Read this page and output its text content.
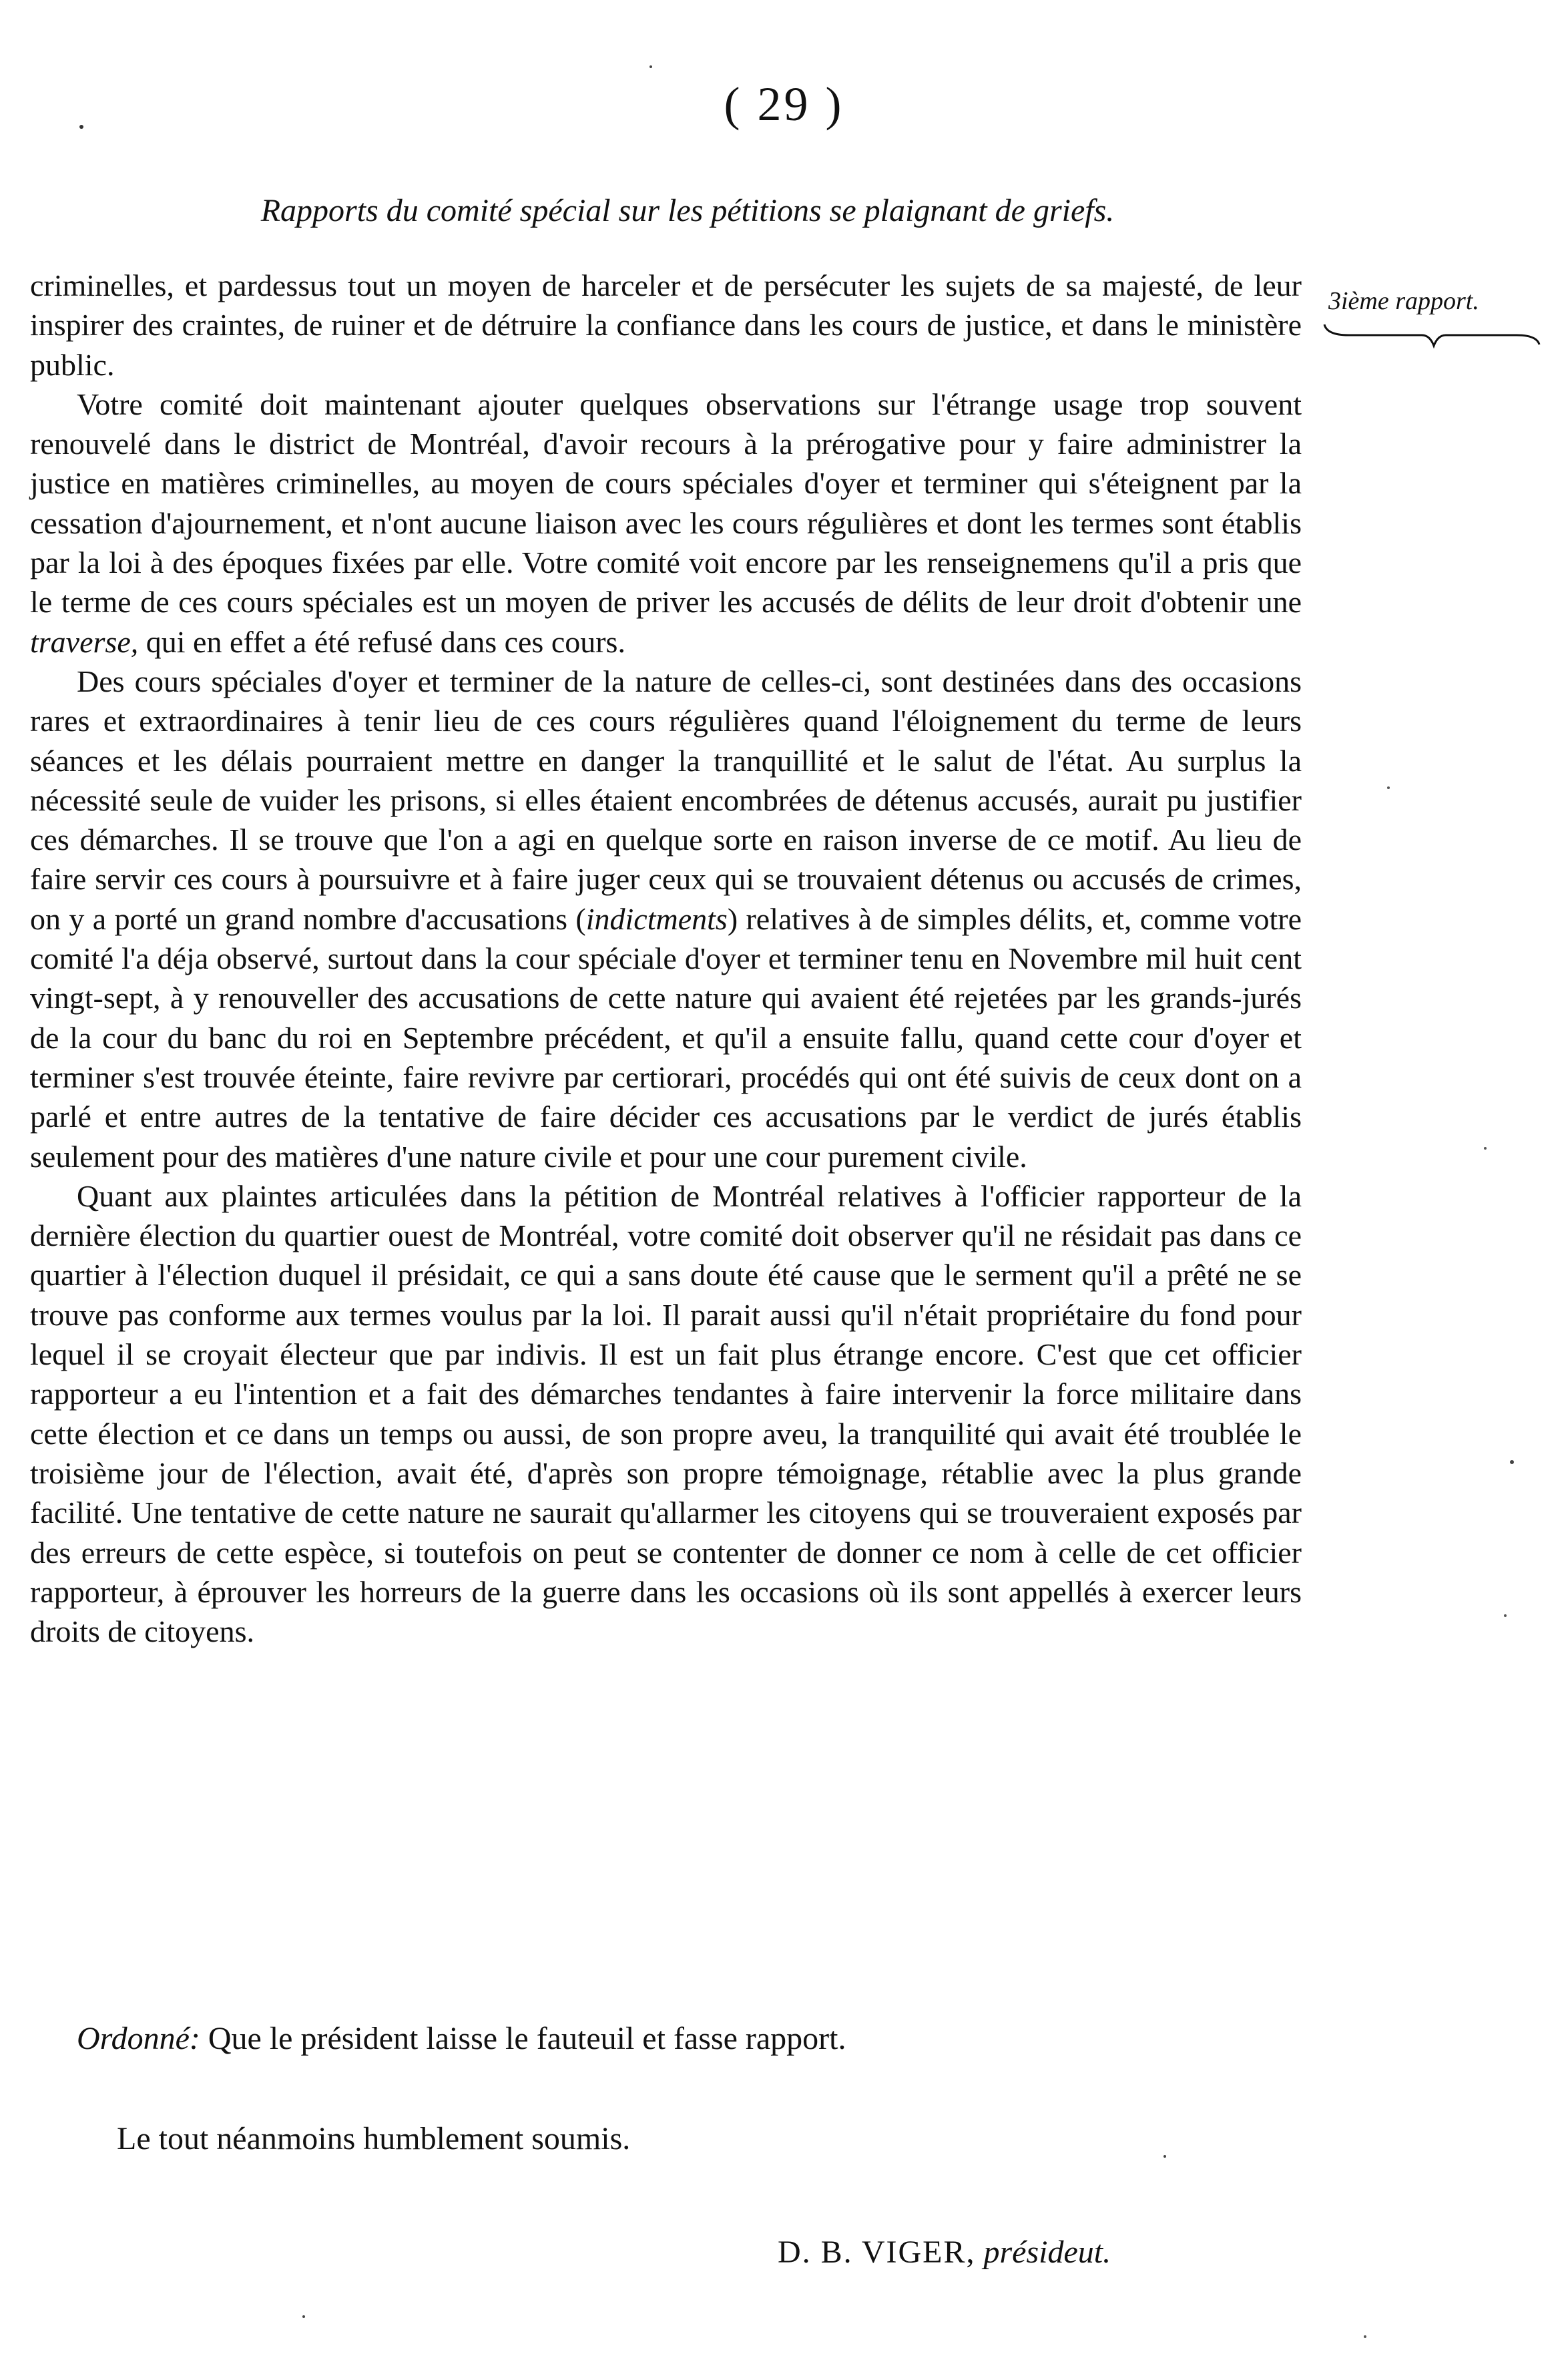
( 29 )
Rapports du comité spécial sur les pétitions se plaignant de griefs.
3ième rapport.

criminelles, et pardessus tout un moyen de harceler et de persécuter les sujets de sa majesté, de leur inspirer des craintes, de ruiner et de détruire la confiance dans les cours de justice, et dans le ministère public.

Votre comité doit maintenant ajouter quelques observations sur l'étrange usage trop souvent renouvelé dans le district de Montréal, d'avoir recours à la prérogative pour y faire administrer la justice en matières criminelles, au moyen de cours spéciales d'oyer et terminer qui s'éteignent par la cessation d'ajournement, et n'ont aucune liaison avec les cours régulières et dont les termes sont établis par la loi à des époques fixées par elle. Votre comité voit encore par les renseignemens qu'il a pris que le terme de ces cours spéciales est un moyen de priver les accusés de délits de leur droit d'obtenir une traverse, qui en effet a été refusé dans ces cours.

Des cours spéciales d'oyer et terminer de la nature de celles-ci, sont destinées dans des occasions rares et extraordinaires à tenir lieu de ces cours régulières quand l'éloignement du terme de leurs séances et les délais pourraient mettre en danger la tranquillité et le salut de l'état. Au surplus la nécessité seule de vuider les prisons, si elles étaient encombrées de détenus accusés, aurait pu justifier ces démarches. Il se trouve que l'on a agi en quelque sorte en raison inverse de ce motif. Au lieu de faire servir ces cours à poursuivre et à faire juger ceux qui se trouvaient détenus ou accusés de crimes, on y a porté un grand nombre d'accusations (indictments) relatives à de simples délits, et, comme votre comité l'a déja observé, surtout dans la cour spéciale d'oyer et terminer tenu en Novembre mil huit cent vingt-sept, à y renouveller des accusations de cette nature qui avaient été rejetées par les grands-jurés de la cour du banc du roi en Septembre précédent, et qu'il a ensuite fallu, quand cette cour d'oyer et terminer s'est trouvée éteinte, faire revivre par certiorari, procédés qui ont été suivis de ceux dont on a parlé et entre autres de la tentative de faire décider ces accusations par le verdict de jurés établis seulement pour des matières d'une nature civile et pour une cour purement civile.

Quant aux plaintes articulées dans la pétition de Montréal relatives à l'officier rapporteur de la dernière élection du quartier ouest de Montréal, votre comité doit observer qu'il ne résidait pas dans ce quartier à l'élection duquel il présidait, ce qui a sans doute été cause que le serment qu'il a prêté ne se trouve pas conforme aux termes voulus par la loi. Il parait aussi qu'il n'était propriétaire du fond pour lequel il se croyait électeur que par indivis. Il est un fait plus étrange encore. C'est que cet officier rapporteur a eu l'intention et a fait des démarches tendantes à faire intervenir la force militaire dans cette élection et ce dans un temps ou aussi, de son propre aveu, la tranquilité qui avait été troublée le troisième jour de l'élection, avait été, d'après son propre témoignage, rétablie avec la plus grande facilité. Une tentative de cette nature ne saurait qu'allarmer les citoyens qui se trouveraient exposés par des erreurs de cette espèce, si toutefois on peut se contenter de donner ce nom à celle de cet officier rapporteur, à éprouver les horreurs de la guerre dans les occasions où ils sont appellés à exercer leurs droits de citoyens.

Ordonné: Que le président laisse le fauteuil et fasse rapport.
Le tout néanmoins humblement soumis.
D. B. VIGER, présideut.
